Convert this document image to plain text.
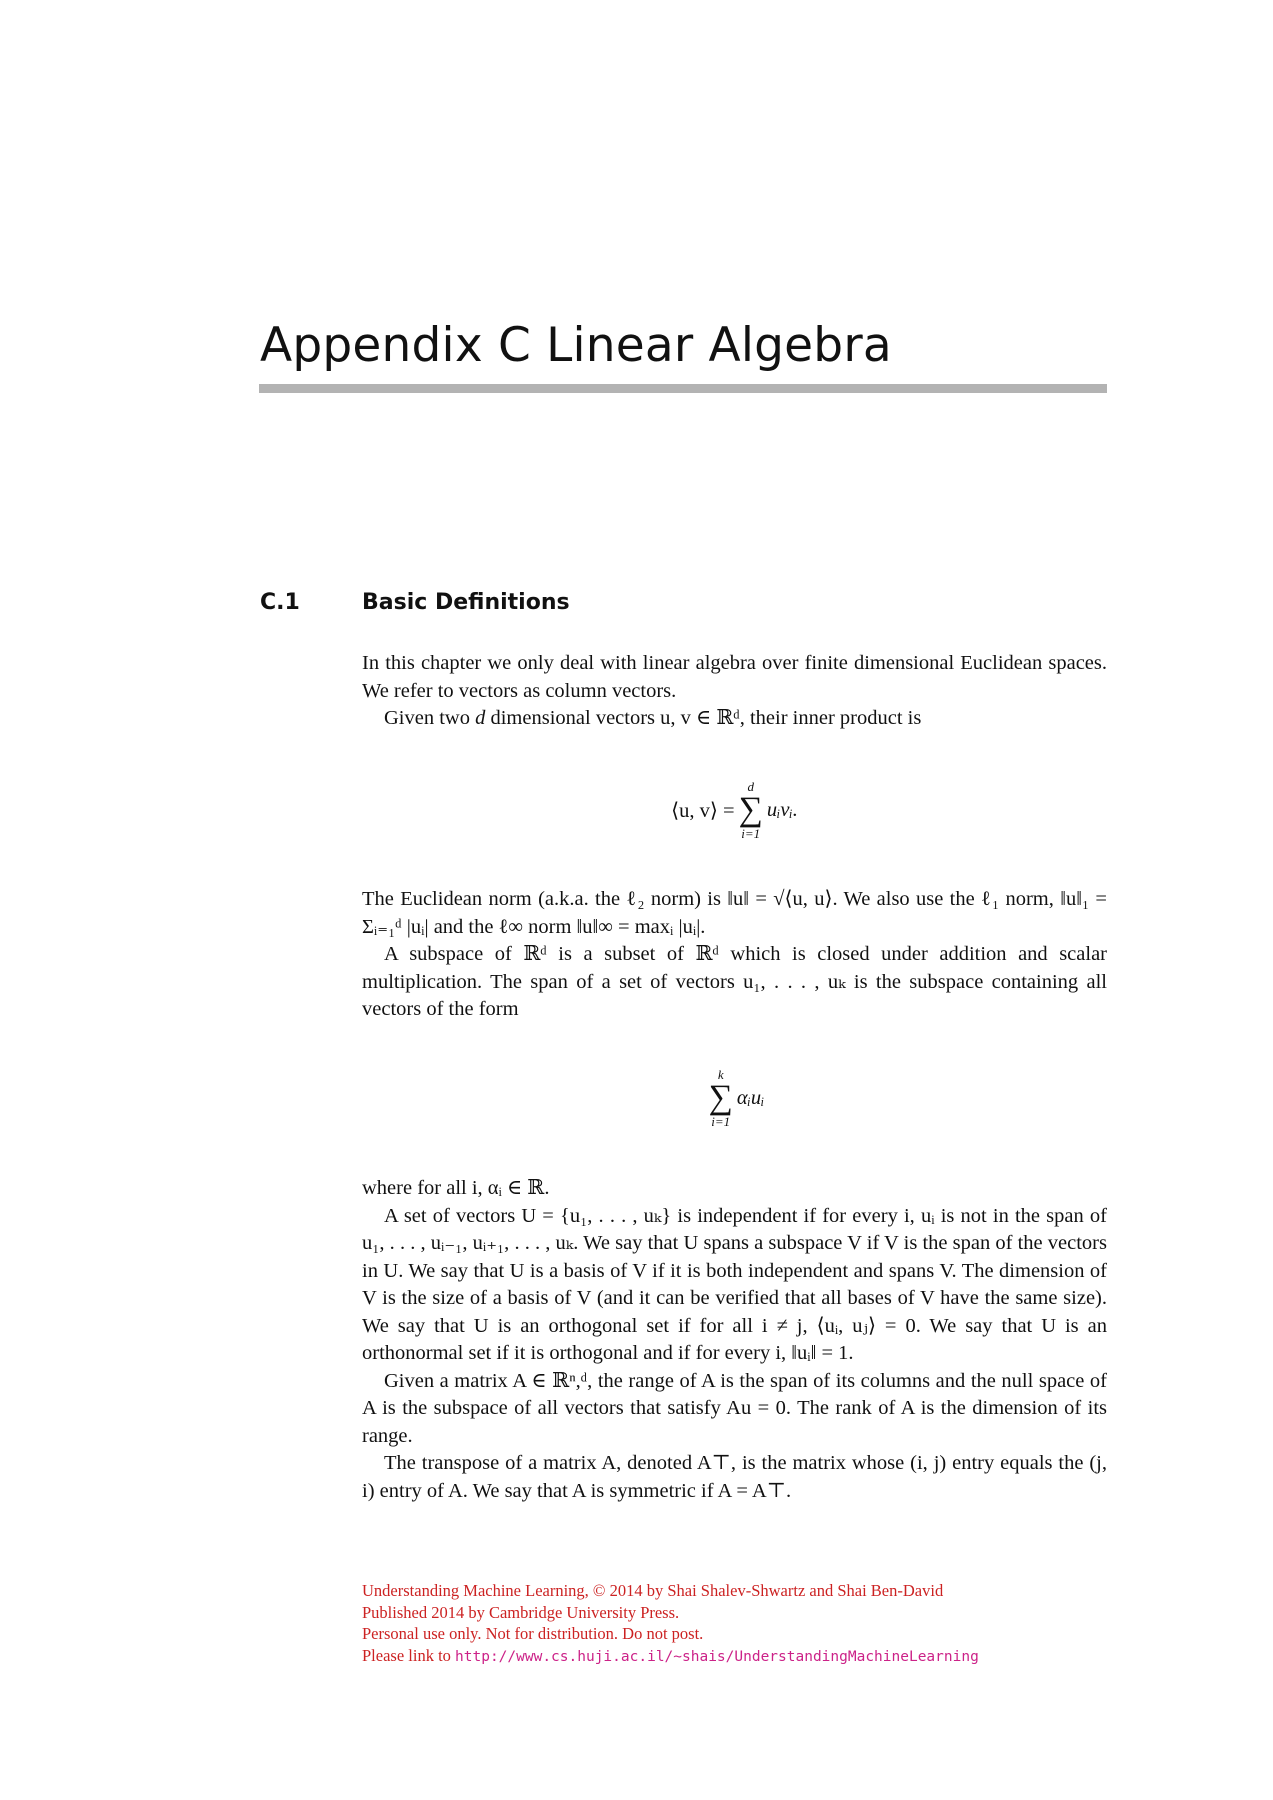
Appendix C Linear Algebra
C.1	Basic Definitions

In this chapter we only deal with linear algebra over finite dimensional Euclidean spaces. We refer to vectors as column vectors.

Given two d dimensional vectors u, v ∈ ℝᵈ, their inner product is

⟨u, v⟩ =
d
∑
i=1
uᵢvᵢ.

The Euclidean norm (a.k.a. the ℓ₂ norm) is ‖u‖ = √⟨u, u⟩. We also use the ℓ₁ norm, ‖u‖₁ = Σᵢ₌₁ᵈ |uᵢ| and the ℓ∞ norm ‖u‖∞ = maxᵢ |uᵢ|.

A subspace of ℝᵈ is a subset of ℝᵈ which is closed under addition and scalar multiplication. The span of a set of vectors u₁, . . . , uₖ is the subspace containing all vectors of the form

k
∑
i=1
αᵢuᵢ

where for all i, αᵢ ∈ ℝ.

A set of vectors U = {u₁, . . . , uₖ} is independent if for every i, uᵢ is not in the span of u₁, . . . , uᵢ₋₁, uᵢ₊₁, . . . , uₖ. We say that U spans a subspace V if V is the span of the vectors in U. We say that U is a basis of V if it is both independent and spans V. The dimension of V is the size of a basis of V (and it can be verified that all bases of V have the same size). We say that U is an orthogonal set if for all i ≠ j, ⟨uᵢ, uⱼ⟩ = 0. We say that U is an orthonormal set if it is orthogonal and if for every i, ‖uᵢ‖ = 1.

Given a matrix A ∈ ℝⁿ,ᵈ, the range of A is the span of its columns and the null space of A is the subspace of all vectors that satisfy Au = 0. The rank of A is the dimension of its range.

The transpose of a matrix A, denoted A⊤, is the matrix whose (i, j) entry equals the (j, i) entry of A. We say that A is symmetric if A = A⊤.

Understanding Machine Learning, © 2014 by Shai Shalev-Shwartz and Shai Ben-David
Published 2014 by Cambridge University Press.
Personal use only. Not for distribution. Do not post.
Please link to http://www.cs.huji.ac.il/~shais/UnderstandingMachineLearning
